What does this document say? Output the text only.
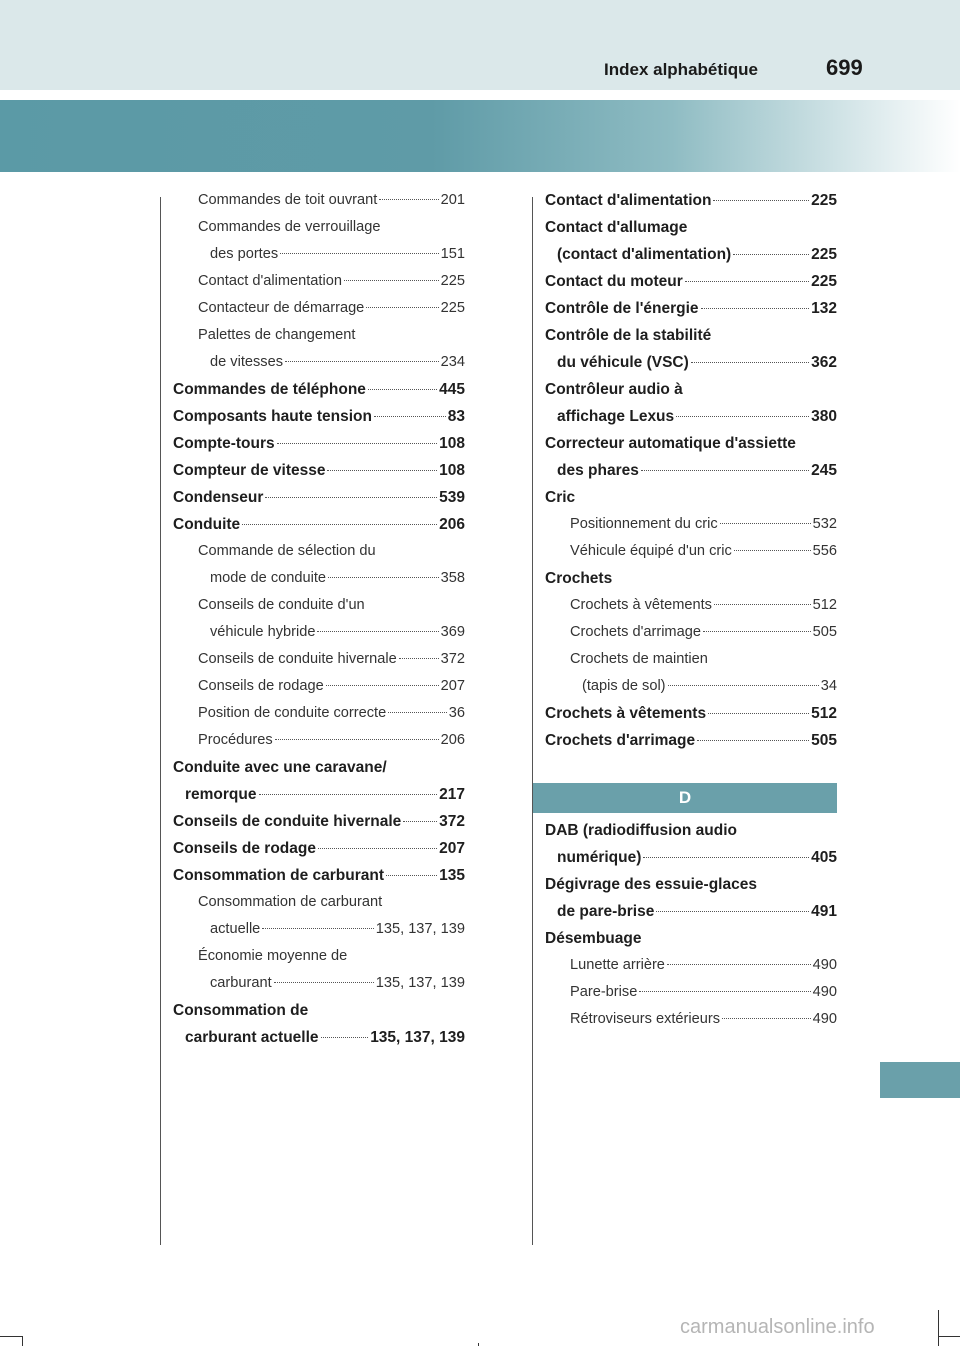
Index alphabétique	699
Commandes de toit ouvrant	201
Commandes de verrouillage
des portes	151
Contact d'alimentation	225
Contacteur de démarrage	225
Palettes de changement
de vitesses	234
Commandes de téléphone	445
Composants haute tension	83
Compte-tours	108
Compteur de vitesse	108
Condenseur	539
Conduite	206
Commande de sélection du
mode de conduite	358
Conseils de conduite d'un
véhicule hybride	369
Conseils de conduite hivernale	372
Conseils de rodage	207
Position de conduite correcte	36
Procédures	206
Conduite avec une caravane/
remorque	217
Conseils de conduite hivernale 372
Conseils de rodage	207
Consommation de carburant	135
Consommation de carburant
actuelle	135, 137, 139
Économie moyenne de
carburant	135, 137, 139
Consommation de
carburant actuelle	135, 137, 139
Contact d'alimentation	225
Contact d'allumage
(contact d'alimentation)	225
Contact du moteur	225
Contrôle de l'énergie	132
Contrôle de la stabilité
du véhicule (VSC)	362
Contrôleur audio à
affichage Lexus	380
Correcteur automatique d'assiette
des phares	245
Cric
Positionnement du cric	532
Véhicule équipé d'un cric	556
Crochets
Crochets à vêtements	512
Crochets d'arrimage	505
Crochets de maintien
(tapis de sol)	34
Crochets à vêtements	512
Crochets d'arrimage	505
D
DAB (radiodiffusion audio
numérique)	405
Dégivrage des essuie-glaces
de pare-brise	491
Désembuage
Lunette arrière	490
Pare-brise	490
Rétroviseurs extérieurs	490
carmanualsonline.info
